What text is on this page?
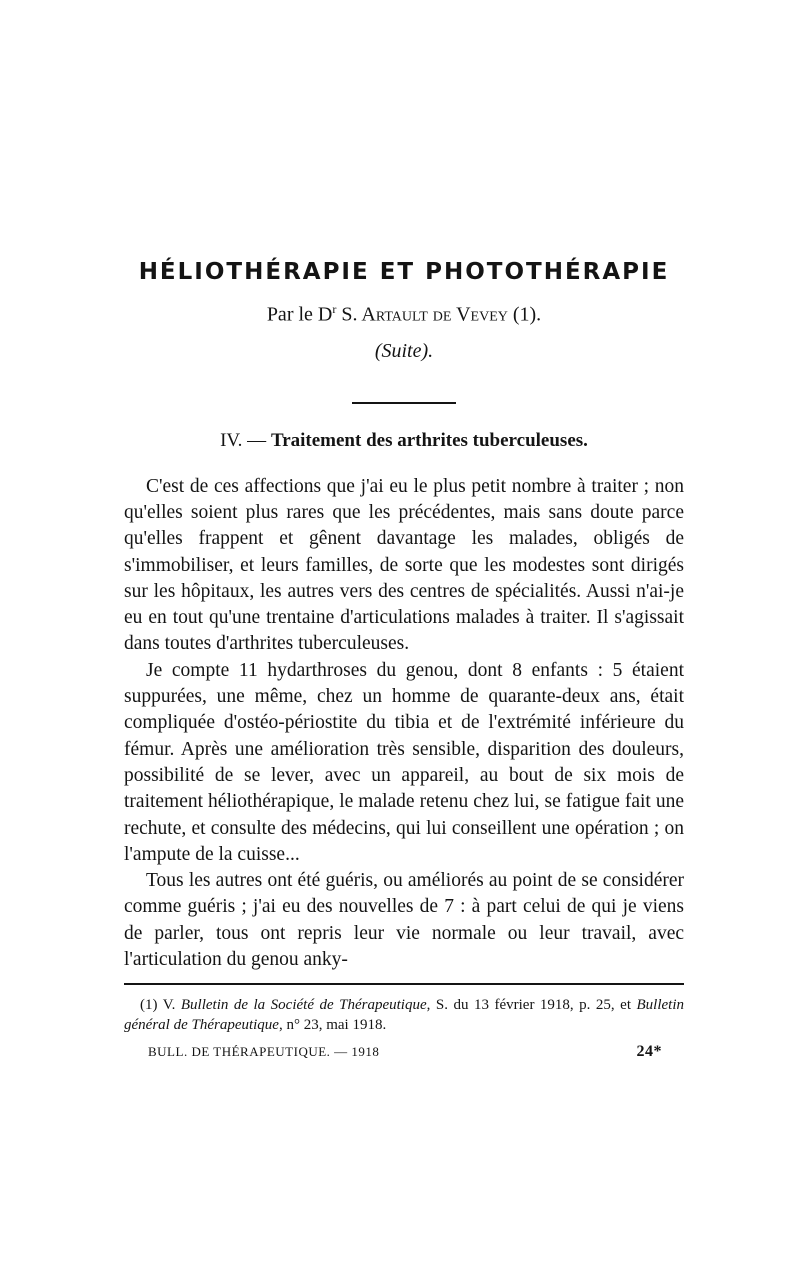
HÉLIOTHÉRAPIE ET PHOTOTHÉRAPIE
Par le $D^r$ S. Artault de Vevey (1).
(Suite).
IV. — Traitement des arthrites tuberculeuses.

C'est de ces affections que j'ai eu le plus petit nombre à traiter ; non qu'elles soient plus rares que les précédentes, mais sans doute parce qu'elles frappent et gênent davantage les malades, obligés de s'immobiliser, et leurs familles, de sorte que les modestes sont dirigés sur les hôpitaux, les autres vers des centres de spécialités. Aussi n'ai-je eu en tout qu'une trentaine d'articulations malades à traiter. Il s'agissait dans toutes d'arthrites tuberculeuses.

Je compte 11 hydarthroses du genou, dont 8 enfants : 5 étaient suppurées, une même, chez un homme de quarante-deux ans, était compliquée d'ostéo-périostite du tibia et de l'extrémité inférieure du fémur. Après une amélioration très sensible, disparition des douleurs, possibilité de se lever, avec un appareil, au bout de six mois de traitement héliothérapique, le malade retenu chez lui, se fatigue fait une rechute, et consulte des médecins, qui lui conseillent une opération ; on l'ampute de la cuisse...

Tous les autres ont été guéris, ou améliorés au point de se considérer comme guéris ; j'ai eu des nouvelles de 7 : à part celui de qui je viens de parler, tous ont repris leur vie normale ou leur travail, avec l'articulation du genou anky-

(1) V. Bulletin de la Société de Thérapeutique, S. du 13 février 1918, p. 25, et Bulletin général de Thérapeutique, n° 23, mai 1918.
BULL. DE THÉRAPEUTIQUE. — 1918	24*
